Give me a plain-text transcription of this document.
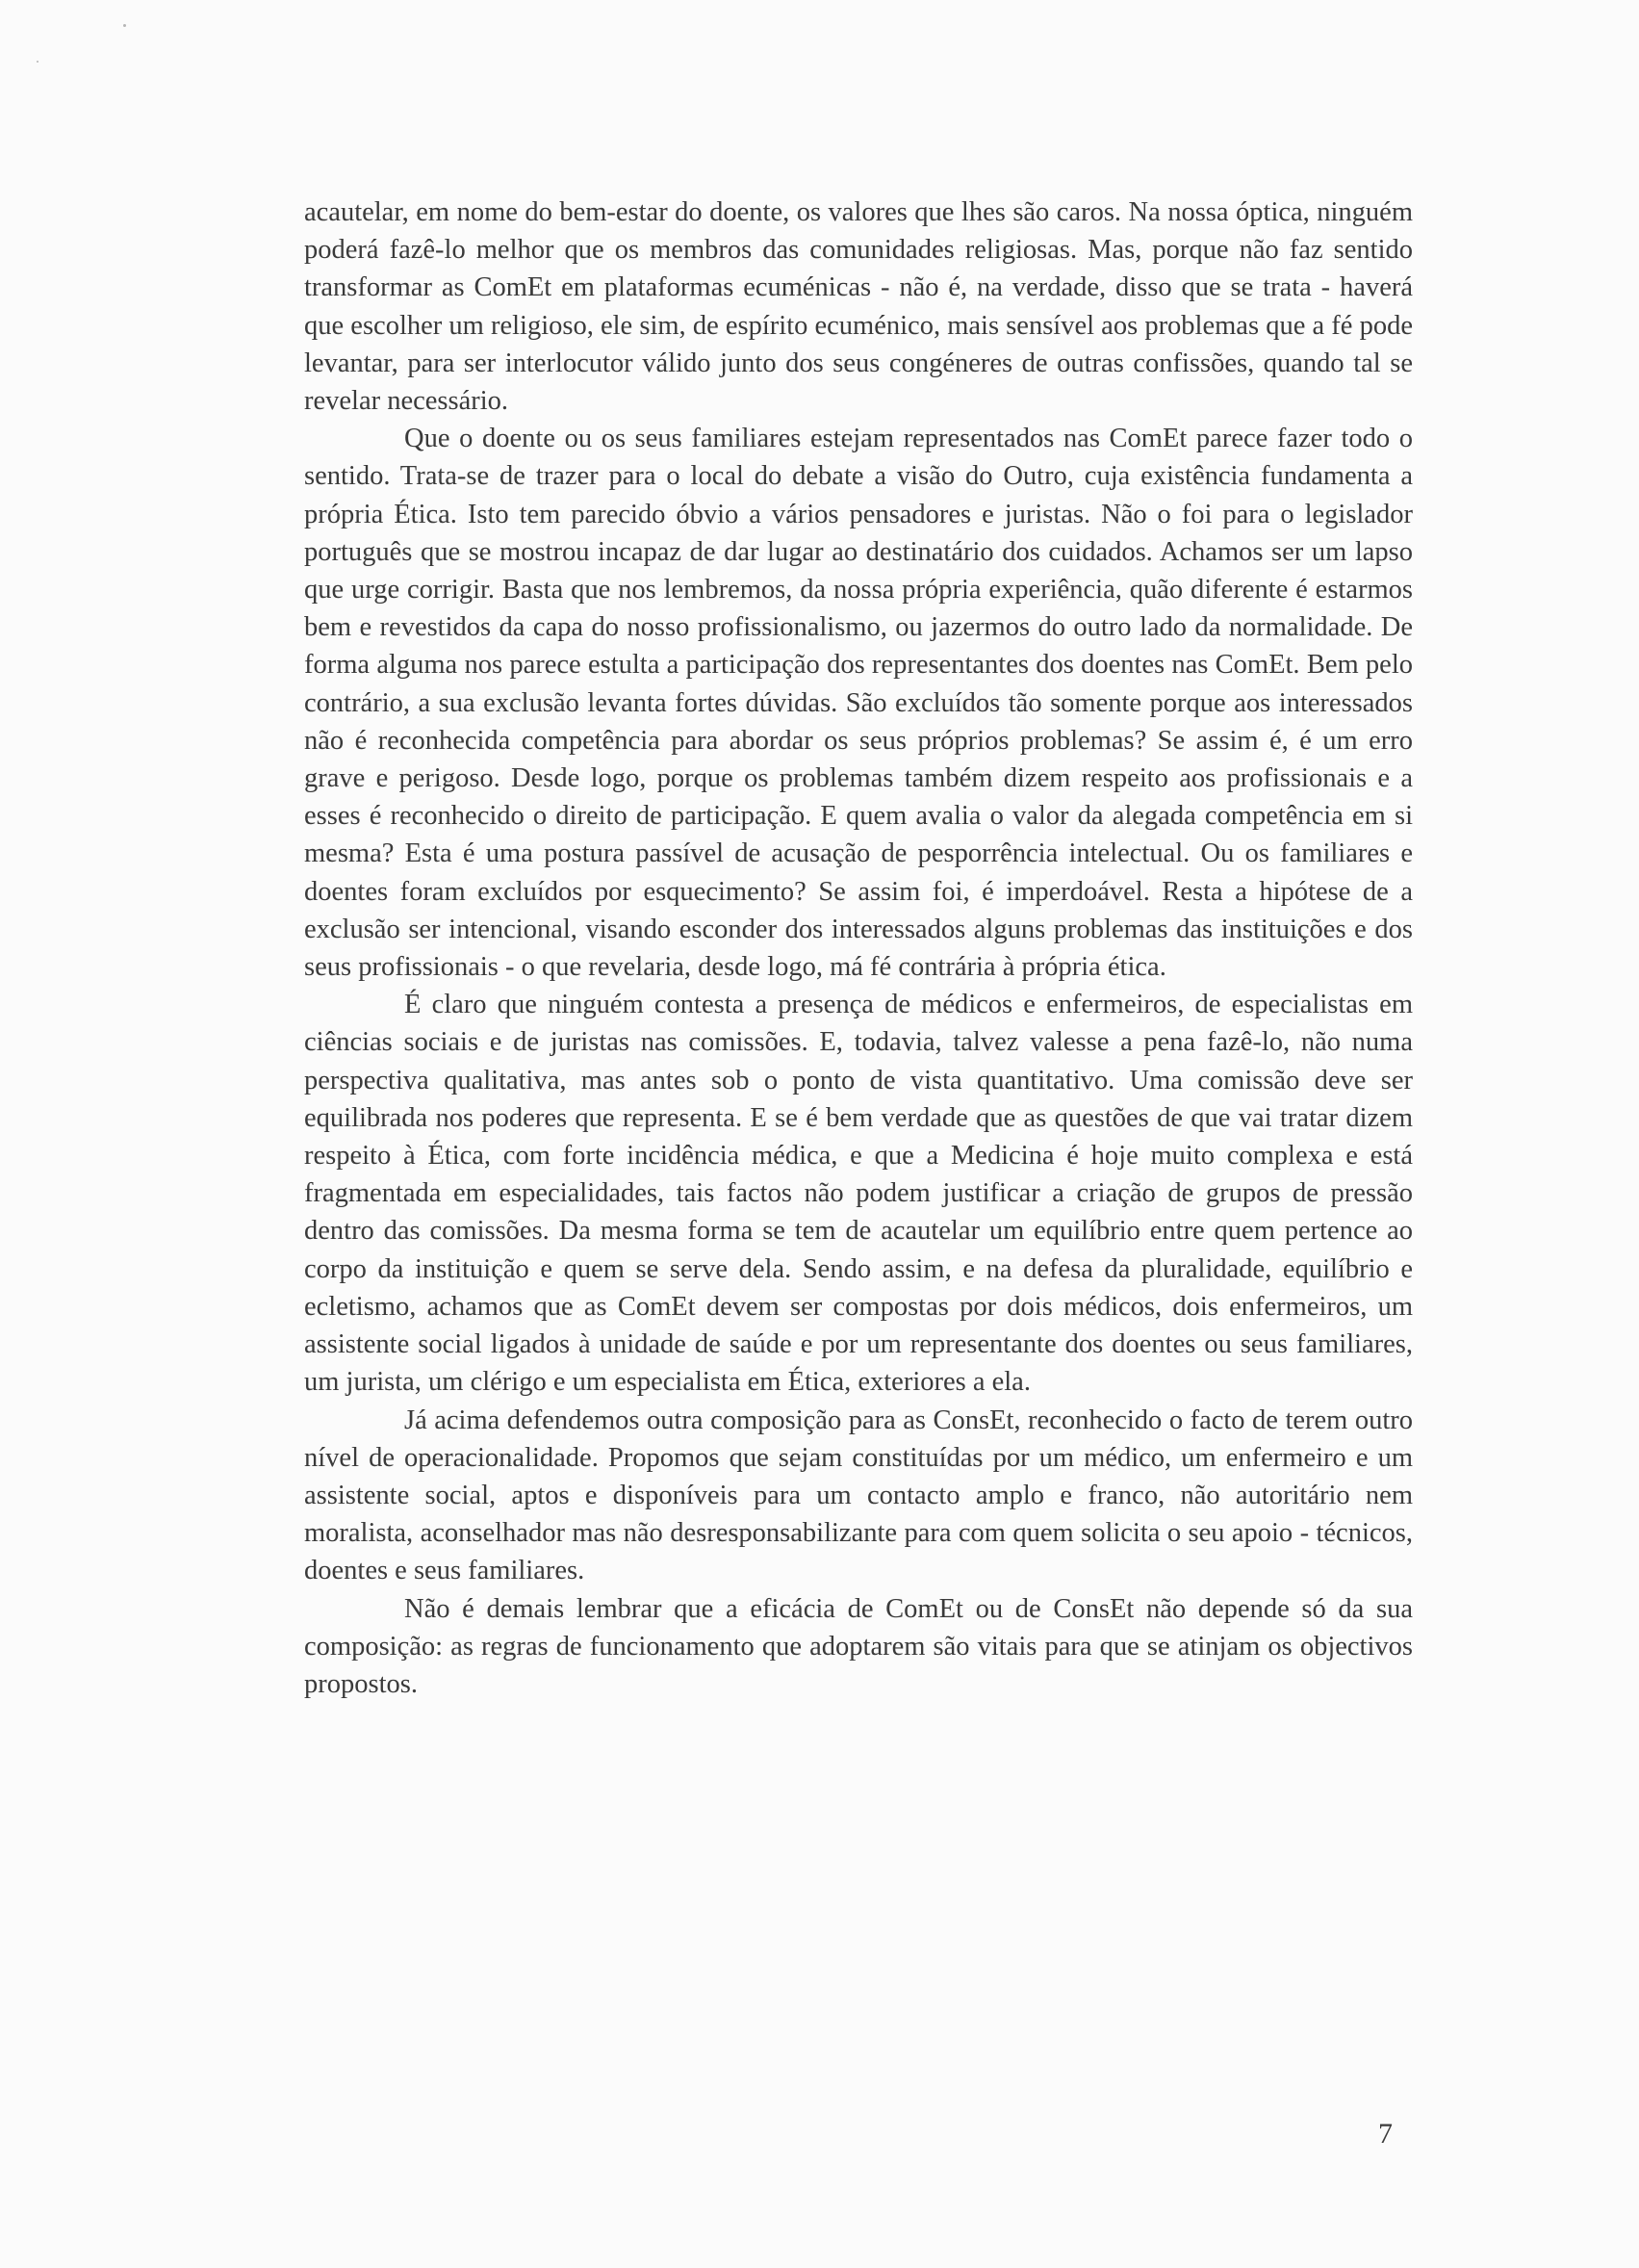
acautelar, em nome do bem-estar do doente, os valores que lhes são caros. Na nossa óptica, ninguém poderá fazê-lo melhor que os membros das comunidades religiosas. Mas, porque não faz sentido transformar as ComEt em plataformas ecuménicas - não é, na verdade, disso que se trata - haverá que escolher um religioso, ele sim, de espírito ecuménico, mais sensível aos problemas que a fé pode levantar, para ser interlocutor válido junto dos seus congéneres de outras confissões, quando tal se revelar necessário.

Que o doente ou os seus familiares estejam representados nas ComEt parece fazer todo o sentido. Trata-se de trazer para o local do debate a visão do Outro, cuja existência fundamenta a própria Ética. Isto tem parecido óbvio a vários pensadores e juristas. Não o foi para o legislador português que se mostrou incapaz de dar lugar ao destinatário dos cuidados. Achamos ser um lapso que urge corrigir. Basta que nos lembremos, da nossa própria experiência, quão diferente é estarmos bem e revestidos da capa do nosso profissionalismo, ou jazermos do outro lado da normalidade. De forma alguma nos parece estulta a participação dos representantes dos doentes nas ComEt. Bem pelo contrário, a sua exclusão levanta fortes dúvidas. São excluídos tão somente porque aos interessados não é reconhecida competência para abordar os seus próprios problemas? Se assim é, é um erro grave e perigoso. Desde logo, porque os problemas também dizem respeito aos profissionais e a esses é reconhecido o direito de participação. E quem avalia o valor da alegada competência em si mesma? Esta é uma postura passível de acusação de pesporrência intelectual. Ou os familiares e doentes foram excluídos por esquecimento? Se assim foi, é imperdoável. Resta a hipótese de a exclusão ser intencional, visando esconder dos interessados alguns problemas das instituições e dos seus profissionais - o que revelaria, desde logo, má fé contrária à própria ética.

É claro que ninguém contesta a presença de médicos e enfermeiros, de especialistas em ciências sociais e de juristas nas comissões. E, todavia, talvez valesse a pena fazê-lo, não numa perspectiva qualitativa, mas antes sob o ponto de vista quantitativo. Uma comissão deve ser equilibrada nos poderes que representa. E se é bem verdade que as questões de que vai tratar dizem respeito à Ética, com forte incidência médica, e que a Medicina é hoje muito complexa e está fragmentada em especialidades, tais factos não podem justificar a criação de grupos de pressão dentro das comissões. Da mesma forma se tem de acautelar um equilíbrio entre quem pertence ao corpo da instituição e quem se serve dela. Sendo assim, e na defesa da pluralidade, equilíbrio e ecletismo, achamos que as ComEt devem ser compostas por dois médicos, dois enfermeiros, um assistente social ligados à unidade de saúde e por um representante dos doentes ou seus familiares, um jurista, um clérigo e um especialista em Ética, exteriores a ela.

Já acima defendemos outra composição para as ConsEt, reconhecido o facto de terem outro nível de operacionalidade. Propomos que sejam constituídas por um médico, um enfermeiro e um assistente social, aptos e disponíveis para um contacto amplo e franco, não autoritário nem moralista, aconselhador mas não desresponsabilizante para com quem solicita o seu apoio - técnicos, doentes e seus familiares.

Não é demais lembrar que a eficácia de ComEt ou de ConsEt não depende só da sua composição: as regras de funcionamento que adoptarem são vitais para que se atinjam os objectivos propostos.

7
